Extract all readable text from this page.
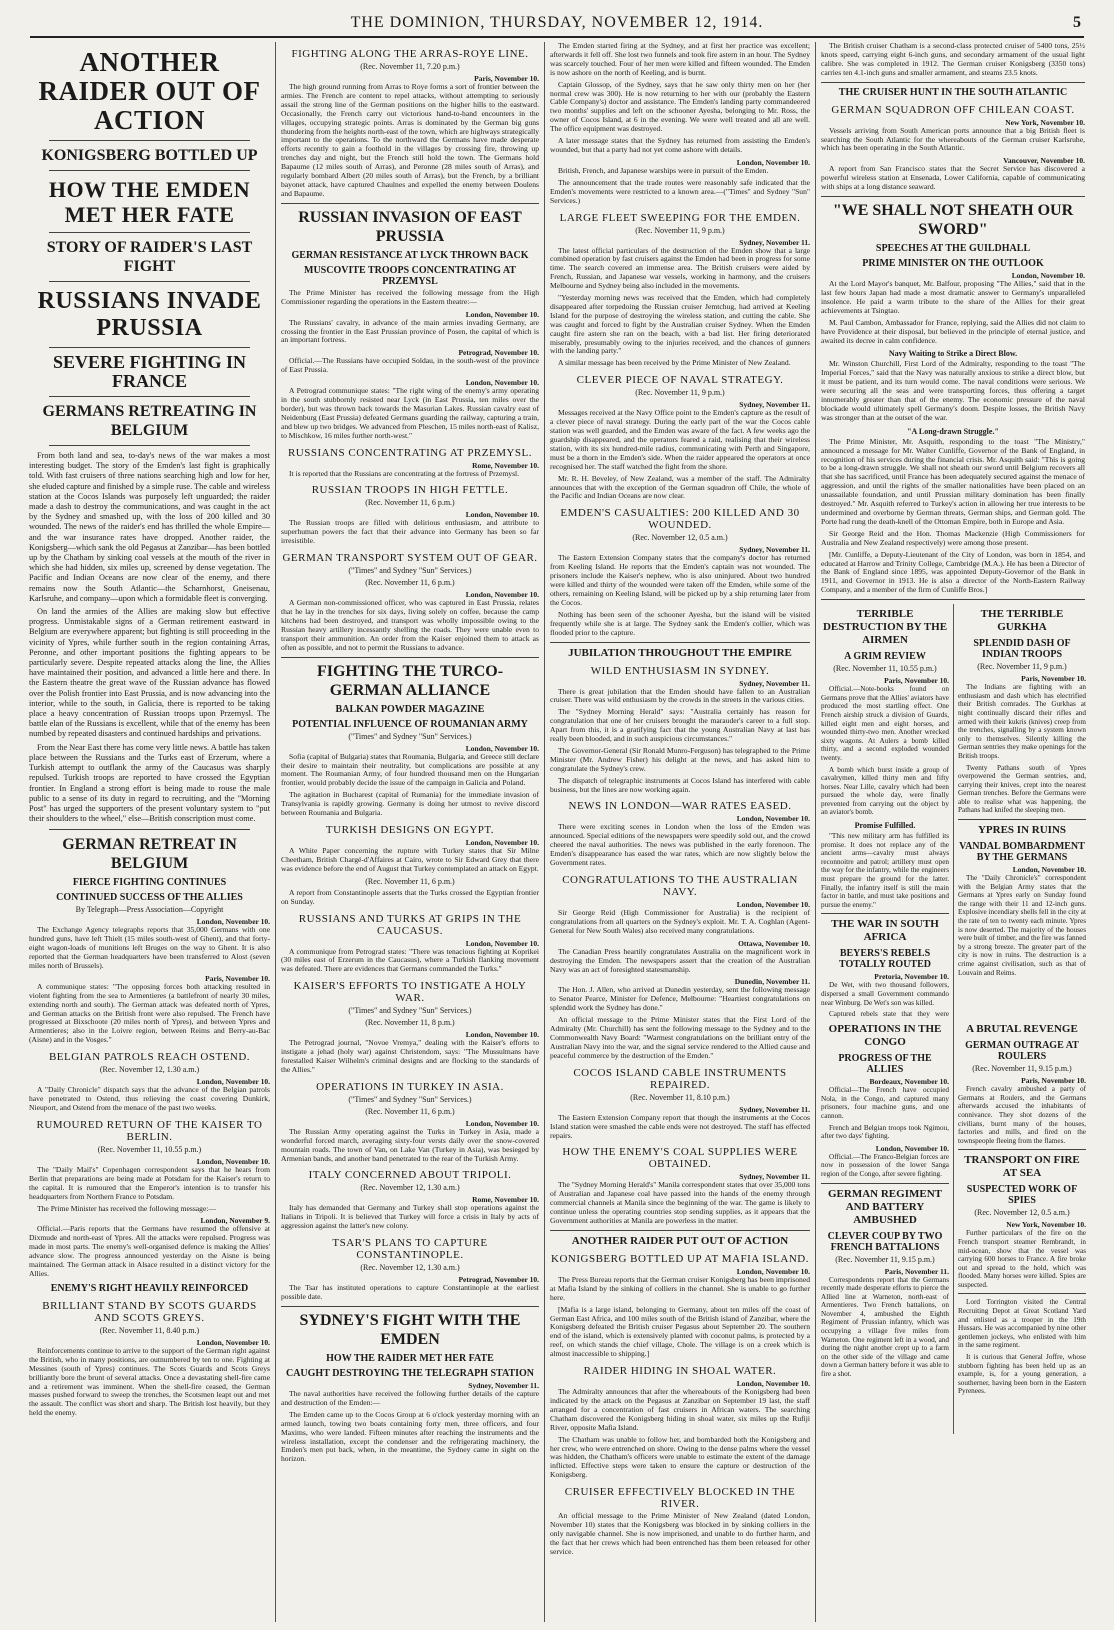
THE DOMINION, THURSDAY, NOVEMBER 12, 1914.	5
ANOTHER RAIDER OUT OF ACTION
KONIGSBERG BOTTLED UP
HOW THE EMDEN MET HER FATE
STORY OF RAIDER'S LAST FIGHT
RUSSIANS INVADE PRUSSIA
SEVERE FIGHTING IN FRANCE
GERMANS RETREATING IN BELGIUM

From both land and sea, to-day's news of the war makes a most interesting budget. The story of the Emden's last fight is graphically told. With fast cruisers of three nations searching high and low for her, she eluded capture and finished by a simple ruse. The cable and wireless station at the Cocos Islands was purposely left unguarded; the raider made a dash to destroy the communications, and was caught in the act by the Sydney and smashed up, with the loss of 200 killed and 30 wounded. The news of the raider's end has thrilled the whole Empire—and the war insurance rates have dropped. Another raider, the Konigsberg—which sank the old Pegasus at Zanzibar—has been bottled up by the Chatham by sinking coal vessels at the mouth of the river in which she had hidden, six miles up, screened by dense vegetation. The Pacific and Indian Oceans are now clear of the enemy, and there remains now the South Atlantic—the Scharnhorst, Gneisenau, Karlsruhe, and company—upon which a formidable fleet is converging.

On land the armies of the Allies are making slow but effective progress. Unmistakable signs of a German retirement eastward in Belgium are everywhere apparent; but fighting is still proceeding in the vicinity of Ypres, while further south in the region containing Arras, Peronne, and other important positions the fighting appears to be particularly severe. Despite repeated attacks along the line, the Allies have maintained their position, and advanced a little here and there. In the Eastern theatre the great wave of the Russian advance has flowed over the Polish frontier into East Prussia, and is now advancing into the interior, while to the south, in Galicia, there is reported to be taking place a heavy concentration of Russian troops upon Przemysl. The battle elan of the Russians is excellent, while that of the enemy has been numbed by repeated disasters and continued hardships and privations.

From the Near East there has come very little news. A battle has taken place between the Russians and the Turks east of Erzerum, where a Turkish attempt to outflank the army of the Caucasus was sharply repulsed. Turkish troops are reported to have crossed the Egyptian frontier. In England a strong effort is being made to rouse the male public to a sense of its duty in regard to recruiting, and the "Morning Post" has urged the supporters of the present voluntary system to "put their shoulders to the wheel," else—British conscription must come.

GERMAN RETREAT IN BELGIUM
FIERCE FIGHTING CONTINUES
CONTINUED SUCCESS OF THE ALLIES
By Telegraph—Press Association—Copyright
London, November 10.

The Exchange Agency telegraphs reports that 35,000 Germans with one hundred guns, have left Thielt (15 miles south-west of Ghent), and that forty-eight wagon-loads of munitions left Bruges on the way to Ghent. It is also reported that the German headquarters have been transferred to Alost (seven miles north of Brussels).

Paris, November 10.

A communique states: "The opposing forces both attacking resulted in violent fighting from the sea to Armentieres (a battlefront of nearly 30 miles, extending north and south). The German attack was defeated north of Ypres, and German attacks on the British front were also repulsed. The French have progressed at Bixschoote (20 miles north of Ypres), and between Ypres and Armentieres; also in the Loivre region, between Reims and Berry-au-Bac (Aisne) and in the Vosges."

BELGIAN PATROLS REACH OSTEND.
(Rec. November 12, 1.30 a.m.)
London, November 10.

A "Daily Chronicle" dispatch says that the advance of the Belgian patrols have penetrated to Ostend, thus relieving the coast covering Dunkirk, Nieuport, and Ostend from the menace of the past two weeks.

RUMOURED RETURN OF THE KAISER TO BERLIN.
(Rec. November 11, 10.55 p.m.)
London, November 10.

The "Daily Mail's" Copenhagen correspondent says that he hears from Berlin that preparations are being made at Potsdam for the Kaiser's return to the capital. It is rumoured that the Emperor's intention is to transfer his headquarters from Northern France to Potsdam.

The Prime Minister has received the following message:—

London, November 9.

Official.—Paris reports that the Germans have resumed the offensive at Dixmude and north-east of Ypres. All the attacks were repulsed. Progress was made in most parts. The enemy's well-organised defence is making the Allies' advance slow. The progress announced yesterday on the Aisne is being maintained. The German attack in Alsace resulted in a distinct victory for the Allies.

ENEMY'S RIGHT HEAVILY REINFORCED
BRILLIANT STAND BY SCOTS GUARDS AND SCOTS GREYS.
(Rec. November 11, 8.40 p.m.)
London, November 10.

Reinforcements continue to arrive to the support of the German right against the British, who in many positions, are outnumbered by ten to one. Fighting at Messines (south of Ypres) continues. The Scots Guards and Scots Greys brilliantly bore the brunt of several attacks. Once a devastating shell-fire came and a retirement was imminent. When the shell-fire ceased, the German masses pushed forward to sweep the trenches, the Scotsmen leapt out and met the assault. The conflict was short and sharp. The British lost heavily, but they held the enemy.

FIGHTING ALONG THE ARRAS-ROYE LINE.
(Rec. November 11, 7.20 p.m.)
Paris, November 10.

The high ground running from Arras to Roye forms a sort of frontier between the armies. The French are content to repel attacks, without attempting to seriously assail the strong line of the German positions on the higher hills to the eastward. Occasionally, the French carry out victorious hand-to-hand encounters in the villages, occupying strategic points. Arras is dominated by the German big guns thundering from the heights north-east of the town, which are highways strategically important to the operations. To the northward the Germans have made desperate efforts recently to gain a foothold in the villages by crossing fire, throwing up trenches day and night, but the French still hold the town. The Germans hold Bapaume (12 miles south of Arras), and Peronne (28 miles south of Arras), and regularly bombard Albert (20 miles south of Arras), but the French, by a brilliant bayonet attack, have captured Chaulnes and expelled the enemy between Doulens and Bapaume.

RUSSIAN INVASION OF EAST PRUSSIA
GERMAN RESISTANCE AT LYCK THROWN BACK
MUSCOVITE TROOPS CONCENTRATING AT PRZEMYSL

The Prime Minister has received the following message from the High Commissioner regarding the operations in the Eastern theatre:—

London, November 10.

The Russians' cavalry, in advance of the main armies invading Germany, are crossing the frontier in the East Prussian province of Posen, the capital of which is an important fortress.

Petrograd, November 10.

Official.—The Russians have occupied Soldau, in the south-west of the province of East Prussia.

London, November 10.

A Petrograd communique states: "The right wing of the enemy's army operating in the south stubbornly resisted near Lyck (in East Prussia, ten miles over the border), but was thrown back towards the Masurian Lakes. Russian cavalry east of Neidenburg (East Prussia) defeated Germans guarding the railway, capturing a train, and blew up two bridges. We advanced from Pleschen, 15 miles north-east of Kalisz, to Mischkow, 16 miles further north-west."

RUSSIANS CONCENTRATING AT PRZEMYSL.
Rome, November 10.

It is reported that the Russians are concentrating at the fortress of Przemysl.

RUSSIAN TROOPS IN HIGH FETTLE.
(Rec. November 11, 6 p.m.)
London, November 10.

The Russian troops are filled with delirious enthusiasm, and attribute to superhuman powers the fact that their advance into Germany has been so far irresistible.

GERMAN TRANSPORT SYSTEM OUT OF GEAR.
("Times" and Sydney "Sun" Services.)
(Rec. November 11, 6 p.m.)
London, November 10.

A German non-commissioned officer, who was captured in East Prussia, relates that he lay in the trenches for six days, living solely on coffee, because the camp kitchens had been destroyed, and transport was wholly impossible owing to the Russian heavy artillery incessantly shelling the roads. They were unable even to transport their ammunition. An order from the Kaiser enjoined them to attack as often as possible, and not to permit the Russians to advance.

FIGHTING THE TURCO-GERMAN ALLIANCE
BALKAN POWDER MAGAZINE
POTENTIAL INFLUENCE OF ROUMANIAN ARMY
("Times" and Sydney "Sun" Services.)
London, November 10.

Sofia (capital of Bulgaria) states that Roumania, Bulgaria, and Greece still declare their desire to maintain their neutrality, but complications are possible at any moment. The Roumanian Army, of four hundred thousand men on the Hungarian frontier, would probably decide the issue of the campaign in Galicia and Poland.

The agitation in Bucharest (capital of Rumania) for the immediate invasion of Transylvania is rapidly growing. Germany is doing her utmost to revive discord between Roumania and Bulgaria.

TURKISH DESIGNS ON EGYPT.
London, November 10.

A White Paper concerning the rupture with Turkey states that Sir Milne Cheetham, British Chargé-d'Affaires at Cairo, wrote to Sir Edward Grey that there was evidence before the end of August that Turkey contemplated an attack on Egypt.

(Rec. November 11, 6 p.m.)

A report from Constantinople asserts that the Turks crossed the Egyptian frontier on Sunday.

RUSSIANS AND TURKS AT GRIPS IN THE CAUCASUS.
London, November 10.

A communique from Petrograd states: "There was tenacious fighting at Koprikei (30 miles east of Erzerum in the Caucasus), where a Turkish flanking movement was defeated. There are evidences that Germans commanded the Turks."

KAISER'S EFFORTS TO INSTIGATE A HOLY WAR.
("Times" and Sydney "Sun" Services.)
(Rec. November 11, 8 p.m.)
London, November 10.

The Petrograd journal, "Novoe Vremya," dealing with the Kaiser's efforts to instigate a jehad (holy war) against Christendom, says: "The Mussulmans have forestalled Kaiser Wilhelm's criminal designs and are flocking to the standards of the Allies."

OPERATIONS IN TURKEY IN ASIA.
("Times" and Sydney "Sun" Services.)
(Rec. November 11, 6 p.m.)
London, November 10.

The Russian Army operating against the Turks in Turkey in Asia, made a wonderful forced march, averaging sixty-four versts daily over the snow-covered mountain roads. The town of Van, on Lake Van (Turkey in Asia), was besieged by Armenian bands, and another band penetrated to the rear of the Turkish Army.

ITALY CONCERNED ABOUT TRIPOLI.
(Rec. November 12, 1.30 a.m.)
Rome, November 10.

Italy has demanded that Germany and Turkey shall stop operations against the Italians in Tripoli. It is believed that Turkey will force a crisis in Italy by acts of aggression against the latter's new colony.

TSAR'S PLANS TO CAPTURE CONSTANTINOPLE.
(Rec. November 12, 1.30 a.m.)
Petrograd, November 10.

The Tsar has instituted operations to capture Constantinople at the earliest possible date.

SYDNEY'S FIGHT WITH THE EMDEN
HOW THE RAIDER MET HER FATE
CAUGHT DESTROYING THE TELEGRAPH STATION
Sydney, November 11.

The naval authorities have received the following further details of the capture and destruction of the Emden:—

The Emden came up to the Cocos Group at 6 o'clock yesterday morning with an armed launch, towing two boats containing forty men, three officers, and four Maxims, who were landed. Fifteen minutes after reaching the instruments and the wireless installation, except the condenser and the refrigerating machinery, the Emden's men put back, when, in the meantime, the Sydney came in sight on the horizon.

The Emden started firing at the Sydney, and at first her practice was excellent; afterwards it fell off. She lost two funnels and took fire astern in an hour. The Sydney was scarcely touched. Four of her men were killed and fifteen wounded. The Emden is now ashore on the north of Keeling, and is burnt.

Captain Glossop, of the Sydney, says that he saw only thirty men on her (her normal crew was 300). He is now returning to her with our (probably the Eastern Cable Company's) doctor and assistance. The Emden's landing party commandeered two months' supplies and left on the schooner Ayesha, belonging to Mr. Ross, the owner of Cocos Island, at 6 in the evening. We were well treated and all are well. The office equipment was destroyed.

A later message states that the Sydney has returned from assisting the Emden's wounded, but that a party had not yet come ashore with details.

London, November 10.

British, French, and Japanese warships were in pursuit of the Emden.

The announcement that the trade routes were reasonably safe indicated that the Emden's movements were restricted to a known area.—("Times" and Sydney "Sun" Services.)

LARGE FLEET SWEEPING FOR THE EMDEN.
(Rec. November 11, 9 p.m.)
Sydney, November 11.

The latest official particulars of the destruction of the Emden show that a large combined operation by fast cruisers against the Emden had been in progress for some time. The search covered an immense area. The British cruisers were aided by French, Russian, and Japanese war vessels, working in harmony, and the cruisers Melbourne and Sydney being also included in the movements.

"Yesterday morning news was received that the Emden, which had completely disappeared after torpedoing the Russian cruiser Jemtchug, had arrived at Keeling Island for the purpose of destroying the wireless station, and cutting the cable. She was caught and forced to fight by the Australian cruiser Sydney. When the Emden caught fire astern she ran on the beach, with a bad list. Her firing deteriorated miserably, presumably owing to the injuries received, and the chances of gunners with the landing party."

A similar message has been received by the Prime Minister of New Zealand.

CLEVER PIECE OF NAVAL STRATEGY.
(Rec. November 11, 9 p.m.)
Sydney, November 11.

Messages received at the Navy Office point to the Emden's capture as the result of a clever piece of naval strategy. During the early part of the war the Cocos cable station was well guarded, and the Emden was aware of the fact. A few weeks ago the guardship disappeared, and the operators feared a raid, realising that their wireless station, with its six hundred-mile radius, communicating with Perth and Singapore, must be a thorn in the Emden's side. When the raider appeared the operators at once recognised her. The staff watched the fight from the shore.

Mr. R. H. Beveley, of New Zealand, was a member of the staff. The Admiralty announces that with the exception of the German squadron off Chile, the whole of the Pacific and Indian Oceans are now clear.

EMDEN'S CASUALTIES: 200 KILLED AND 30 WOUNDED.
(Rec. November 12, 0.5 a.m.)
Sydney, November 11.

The Eastern Extension Company states that the company's doctor has returned from Keeling Island. He reports that the Emden's captain was not wounded. The prisoners include the Kaiser's nephew, who is also uninjured. About two hundred were killed and thirty of the wounded were taken off the Emden, while some of the others, remaining on Keeling Island, will be picked up by a ship returning later from the Cocos.

Nothing has been seen of the schooner Ayesha, but the island will be visited frequently while she is at large. The Sydney sank the Emden's collier, which was flooded prior to the capture.

JUBILATION THROUGHOUT THE EMPIRE
WILD ENTHUSIASM IN SYDNEY.
Sydney, November 11.

There is great jubilation that the Emden should have fallen to an Australian cruiser. There was wild enthusiasm by the crowds in the streets in the various cities.

The "Sydney Morning Herald" says: "Australia certainly has reason for congratulation that one of her cruisers brought the marauder's career to a full stop. Apart from this, it is a gratifying fact that the young Australian Navy at last has really been blooded, and in such auspicious circumstances."

The Governor-General (Sir Ronald Munro-Ferguson) has telegraphed to the Prime Minister (Mr. Andrew Fisher) his delight at the news, and has asked him to congratulate the Sydney's crew.

The dispatch of telegraphic instruments at Cocos Island has interfered with cable business, but the lines are now working again.

NEWS IN LONDON—WAR RATES EASED.
London, November 10.

There were exciting scenes in London when the loss of the Emden was announced. Special editions of the newspapers were speedily sold out, and the crowd cheered the naval authorities. The news was published in the early forenoon. The Emden's disappearance has eased the war rates, which are now slightly below the Government rates.

CONGRATULATIONS TO THE AUSTRALIAN NAVY.
London, November 10.

Sir George Reid (High Commissioner for Australia) is the recipient of congratulations from all quarters on the Sydney's exploit. Mr. T. A. Coghlan (Agent-General for New South Wales) also received many congratulations.

Ottawa, November 10.

The Canadian Press heartily congratulates Australia on the magnificent work in destroying the Emden. The newspapers assert that the creation of the Australian Navy was an act of foresighted statesmanship.

Dunedin, November 11.

The Hon. J. Allen, who arrived at Dunedin yesterday, sent the following message to Senator Pearce, Minister for Defence, Melbourne: "Heartiest congratulations on splendid work the Sydney has done."

An official message to the Prime Minister states that the First Lord of the Admiralty (Mr. Churchill) has sent the following message to the Sydney and to the Commonwealth Navy Board: "Warmest congratulations on the brilliant entry of the Australian Navy into the war, and the signal service rendered to the Allied cause and peaceful commerce by the destruction of the Emden."

COCOS ISLAND CABLE INSTRUMENTS REPAIRED.
(Rec. November 11, 8.10 p.m.)
Sydney, November 11.

The Eastern Extension Company report that though the instruments at the Cocos Island station were smashed the cable ends were not destroyed. The staff has effected repairs.

HOW THE ENEMY'S COAL SUPPLIES WERE OBTAINED.
Sydney, November 11.

The "Sydney Morning Herald's" Manila correspondent states that over 35,000 tons of Australian and Japanese coal have passed into the hands of the enemy through commercial channels at Manila since the beginning of the war. The game is likely to continue unless the operating countries stop sending supplies, as it appears that the Government authorities at Manila are powerless in the matter.

ANOTHER RAIDER PUT OUT OF ACTION
KONIGSBERG BOTTLED UP AT MAFIA ISLAND.
London, November 10.

The Press Bureau reports that the German cruiser Konigsberg has been imprisoned at Mafia Island by the sinking of colliers in the channel. She is unable to go further here.

[Mafia is a large island, belonging to Germany, about ten miles off the coast of German East Africa, and 100 miles south of the British island of Zanzibar, where the Konigsberg defeated the British cruiser Pegasus about September 20. The southern end of the island, which is extensively planted with coconut palms, is protected by a reef, on which stands the chief village, Chole. The village is on a creek which is almost inaccessible to shipping.]

RAIDER HIDING IN SHOAL WATER.
London, November 10.

The Admiralty announces that after the whereabouts of the Konigsberg had been indicated by the attack on the Pegasus at Zanzibar on September 19 last, the staff arranged for a concentration of fast cruisers in African waters. The searching Chatham discovered the Konigsberg hiding in shoal water, six miles up the Rufiji River, opposite Mafia Island.

The Chatham was unable to follow her, and bombarded both the Konigsberg and her crew, who were entrenched on shore. Owing to the dense palms where the vessel was hidden, the Chatham's officers were unable to estimate the extent of the damage inflicted. Effective steps were taken to ensure the capture or destruction of the Konigsberg.

CRUISER EFFECTIVELY BLOCKED IN THE RIVER.

An official message to the Prime Minister of New Zealand (dated London, November 10) states that the Konigsberg was blocked in by sinking colliers in the only navigable channel. She is now imprisoned, and unable to do further harm, and the fact that her crews which had been entrenched has them been released for other service.

The British cruiser Chatham is a second-class protected cruiser of 5400 tons, 25½ knots speed, carrying eight 6-inch guns, and secondary armament of the usual light calibre. She was completed in 1912. The German cruiser Konigsberg (3350 tons) carries ten 4.1-inch guns and smaller armament, and steams 23.5 knots.

THE CRUISER HUNT IN THE SOUTH ATLANTIC
GERMAN SQUADRON OFF CHILEAN COAST.
New York, November 10.

Vessels arriving from South American ports announce that a big British fleet is searching the South Atlantic for the whereabouts of the German cruiser Karlsruhe, which has been operating in the South Atlantic.

Vancouver, November 10.

A report from San Francisco states that the Secret Service has discovered a powerful wireless station at Ensenada, Lower California, capable of communicating with ships at a long distance seaward.

"WE SHALL NOT SHEATH OUR SWORD"
SPEECHES AT THE GUILDHALL
PRIME MINISTER ON THE OUTLOOK
London, November 10.

At the Lord Mayor's banquet, Mr. Balfour, proposing "The Allies," said that in the last few hours Japan had made a most dramatic answer to Germany's unparalleled insolence. He paid a warm tribute to the share of the Allies for their great achievements at Tsingtao.

M. Paul Cambon, Ambassador for France, replying, said the Allies did not claim to have Providence at their disposal, but believed in the principle of eternal justice, and awaited its decree in calm confidence.

Navy Waiting to Strike a Direct Blow.

Mr. Winston Churchill, First Lord of the Admiralty, responding to the toast "The Imperial Forces," said that the Navy was naturally anxious to strike a direct blow, but it must be patient, and its turn would come. The naval conditions were serious. We were securing all the seas and were transporting forces, thus offering a target innumerably greater than that of the enemy. The economic pressure of the naval blockade would ultimately spell Germany's doom. Despite losses, the British Navy was stronger than at the outset of the war.

"A Long-drawn Struggle."

The Prime Minister, Mr. Asquith, responding to the toast "The Ministry," announced a message for Mr. Walter Cunliffe, Governor of the Bank of England, in recognition of his services during the financial crisis. Mr. Asquith said: "This is going to be a long-drawn struggle. We shall not sheath our sword until Belgium recovers all that she has sacrificed, until France has been adequately secured against the menace of aggression, and until the rights of the smaller nationalities have been placed on an unassailable foundation, and until Prussian military domination has been finally destroyed." Mr. Asquith referred to Turkey's action in allowing her true interests to be undermined and overborne by German threats, German ships, and German gold. The Porte had rung the death-knell of the Ottoman Empire, both in Europe and Asia.

Sir George Reid and the Hon. Thomas Mackenzie (High Commissioners for Australia and New Zealand respectively) were among those present.

[Mr. Cunliffe, a Deputy-Lieutenant of the City of London, was born in 1854, and educated at Harrow and Trinity College, Cambridge (M.A.). He has been a Director of the Bank of England since 1895, was appointed Deputy-Governor of the Bank in 1911, and Governor in 1913. He is also a director of the North-Eastern Railway Company, and a member of the firm of Cunliffe Bros.]

TERRIBLE DESTRUCTION BY THE AIRMEN
A GRIM REVIEW
(Rec. November 11, 10.55 p.m.)
Paris, November 10.

Official.—Note-books found on Germans prove that the Allies' aviators have produced the most startling effect. One French airship struck a division of Guards, killed eight men and eight horses, and wounded thirty-two men. Another wrecked sixty wagons. At Aulers a bomb killed thirty, and a second exploded wounded twenty.

A bomb which burst inside a group of cavalrymen, killed thirty men and fifty horses. Near Lille, cavalry which had been pursued the whole day, were finally prevented from carrying out the object by an aviator's bomb.

Promise Fulfilled.

"This new military arm has fulfilled its promise. It does not replace any of the ancient arms—cavalry must always reconnoitre and patrol; artillery must open the way for the infantry, while the engineers must prepare the ground for the latter. Finally, the infantry itself is still the main factor in battle, and must take positions and pursue the enemy."

THE WAR IN SOUTH AFRICA
BEYERS'S REBELS TOTALLY ROUTED
Pretoria, November 10.

De Wet, with two thousand followers, dispersed a small Government commando near Winburg. De Wet's son was killed.

Captured rebels state that they were

THE TERRIBLE GURKHA
SPLENDID DASH OF INDIAN TROOPS
(Rec. November 11, 9 p.m.)
Paris, November 10.

The Indians are fighting with an enthusiasm and dash which has electrified their British comrades. The Gurkhas at night continually discard their rifles and armed with their kukris (knives) creep from the trenches, signalling by a system known only to themselves. Silently killing the German sentries they make openings for the British troops.

Twenty Pathans south of Ypres overpowered the German sentries, and, carrying their knives, crept into the nearest German trenches. Before the Germans were able to realise what was happening, the Pathans had knifed the sleeping men.

YPRES IN RUINS
VANDAL BOMBARDMENT BY THE GERMANS
London, November 10.

The "Daily Chronicle's" correspondent with the Belgian Army states that the Germans at Ypres early on Sunday found the range with their 11 and 12-inch guns. Explosive incendiary shells fell in the city at the rate of ten to twenty each minute. Ypres is now deserted. The majority of the houses were built of timber, and the fire was fanned by a strong breeze. The greater part of the city is now in ruins. The destruction is a crime against civilisation, such as that of Louvain and Reims.

OPERATIONS IN THE CONGO
PROGRESS OF THE ALLIES
Bordeaux, November 10.

Official—The French have occupied Nola, in the Congo, and captured many prisoners, four machine guns, and one cannon.

French and Belgian troops took Ngimou, after two days' fighting.

London, November 10.

Official.—The Franco-Belgian forces are now in possession of the lower Sanga region of the Congo, after severe fighting.

GERMAN REGIMENT AND BATTERY AMBUSHED
CLEVER COUP BY TWO FRENCH BATTALIONS
(Rec. November 11, 9.15 p.m.)
Paris, November 11.

Correspondents report that the Germans recently made desperate efforts to pierce the Allied line at Warneton, north-east of Armentieres. Two French battalions, on November 4, ambushed the Eighth Regiment of Prussian infantry, which was occupying a village five miles from Warneton. One regiment left in a wood, and during the night another crept up to a farm on the other side of the village and came down a German battery before it was able to fire a shot.

A BRUTAL REVENGE
GERMAN OUTRAGE AT ROULERS
(Rec. November 11, 9.15 p.m.)
Paris, November 10.

French cavalry ambushed a party of Germans at Roulers, and the Germans afterwards accused the inhabitants of connivance. They shot dozens of the civilians, burnt many of the houses, factories and mills, and fired on the townspeople fleeing from the flames.

TRANSPORT ON FIRE AT SEA
SUSPECTED WORK OF SPIES
(Rec. November 12, 0.5 a.m.)
New York, November 10.

Further particulars of the fire on the French transport steamer Rembrandt, in mid-ocean, show that the vessel was carrying 600 horses to France. A fire broke out and spread to the hold, which was flooded. Many horses were killed. Spies are suspected.

Lord Torrington visited the Central Recruiting Depot at Great Scotland Yard and enlisted as a trooper in the 19th Hussars. He was accompanied by nine other gentlemen jockeys, who enlisted with him in the same regiment.

It is curious that General Joffre, whose stubborn fighting has been held up as an example, is, for a young generation, a southerner, having been born in the Eastern Pyrenees.
